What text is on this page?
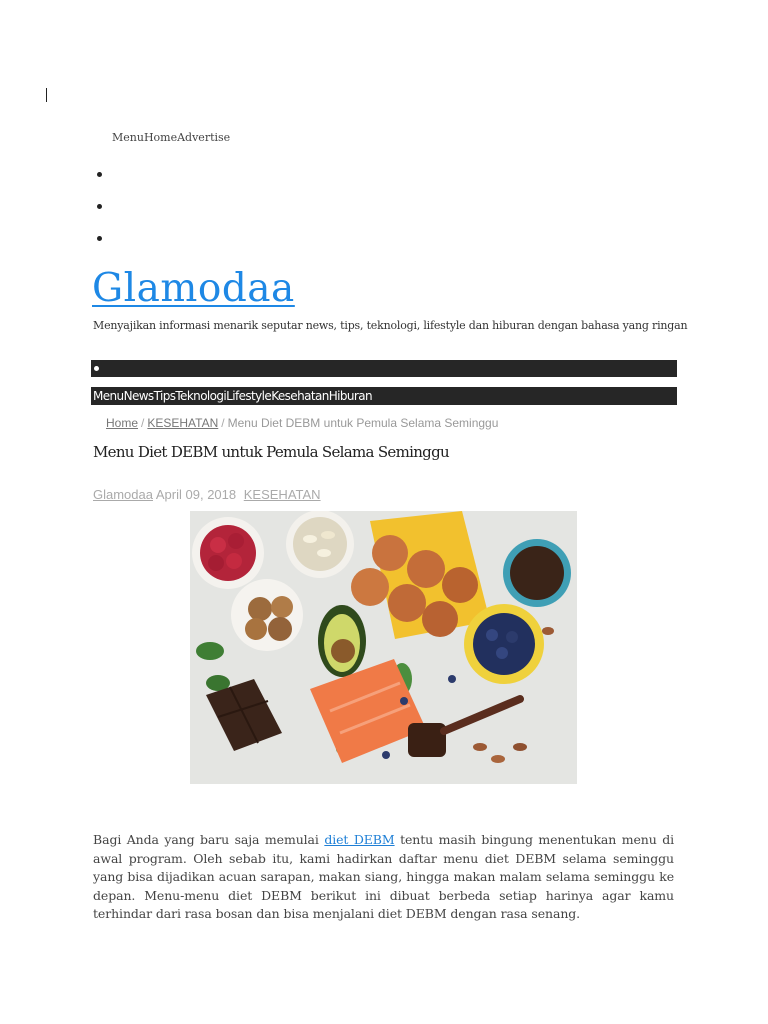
Menu Home Advertise
Glamodaa
Menyajikan informasi menarik seputar news, tips, teknologi, lifestyle dan hiburan dengan bahasa yang ringan
Menu News Tips Teknologi Lifestyle Kesehatan Hiburan
Home / KESEHATAN / Menu Diet DEBM untuk Pemula Selama Seminggu
Menu Diet DEBM untuk Pemula Selama Seminggu
Glamodaa April 09, 2018 KESEHATAN

Bagi Anda yang baru saja memulai diet DEBM tentu masih bingung menentukan menu di awal program. Oleh sebab itu, kami hadirkan daftar menu diet DEBM selama seminggu yang bisa dijadikan acuan sarapan, makan siang, hingga makan malam selama seminggu ke depan. Menu-menu diet DEBM berikut ini dibuat berbeda setiap harinya agar kamu terhindar dari rasa bosan dan bisa menjalani diet DEBM dengan rasa senang.
